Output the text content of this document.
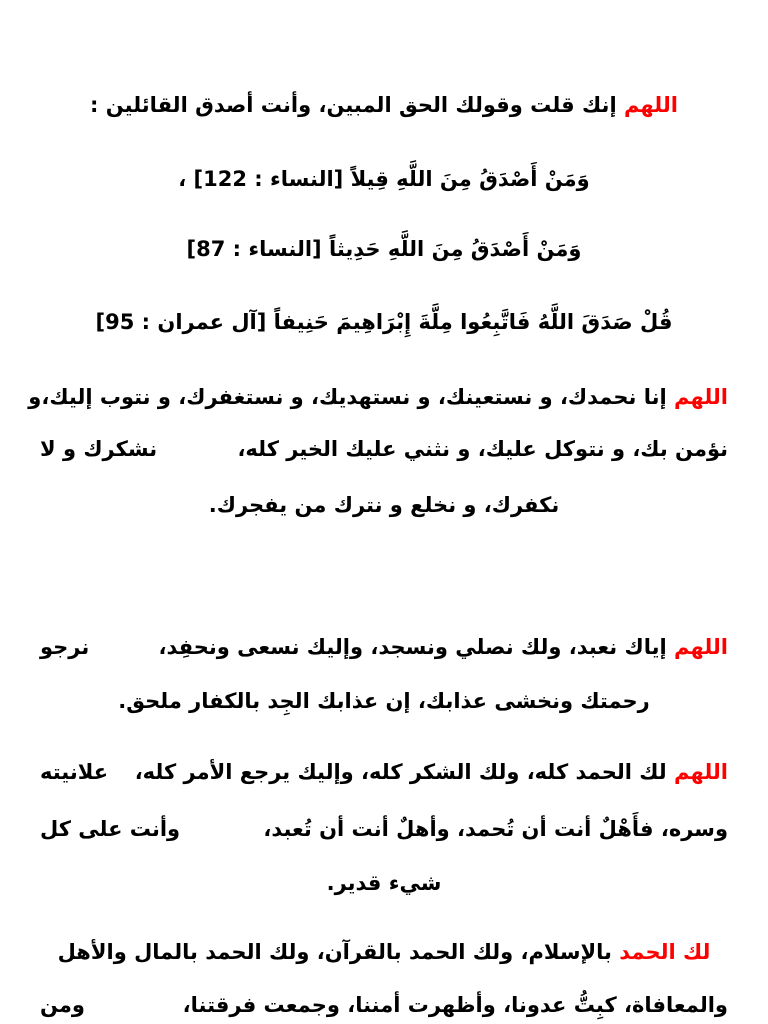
اللهم إنك قلت وقولك الحق المبين، وأنت أصدق القائلين :
وَمَنْ أَصْدَقُ مِنَ اللَّهِ قِيلاً [النساء : 122] ،
وَمَنْ أَصْدَقُ مِنَ اللَّهِ حَدِيثاً [النساء : 87]
قُلْ صَدَقَ اللَّهُ فَاتَّبِعُوا مِلَّةَ إِبْرَاهِيمَ حَنِيفاً [آل عمران : 95]
اللهم إنا نحمدك، و نستعينك، و نستهديك، و نستغفرك، و نتوب إليك،
و
نؤمن بك، و نتوكل عليك، و نثني عليك الخير كله،
نشكرك و لا
نكفرك، و نخلع و نترك من يفجرك.
اللهم إياك نعبد، ولك نصلي ونسجد، وإليك نسعى ونحفِد،
نرجو
رحمتك ونخشى عذابك، إن عذابك الجِد بالكفار ملحق.
اللهم لك الحمد كله، ولك الشكر كله، وإليك يرجع الأمر كله،
علانيته
وسره، فأَهْلٌ أنت أن تُحمد، وأهلٌ أنت أن تُعبد،
وأنت على كل
شيء قدير.
لك الحمد بالإسلام، ولك الحمد بالقرآن، ولك الحمد بالمال والأهل
والمعافاة، كبِتُّ عدونا، وأظهرت أمننا، وجمعت فرقتنا،
ومن
